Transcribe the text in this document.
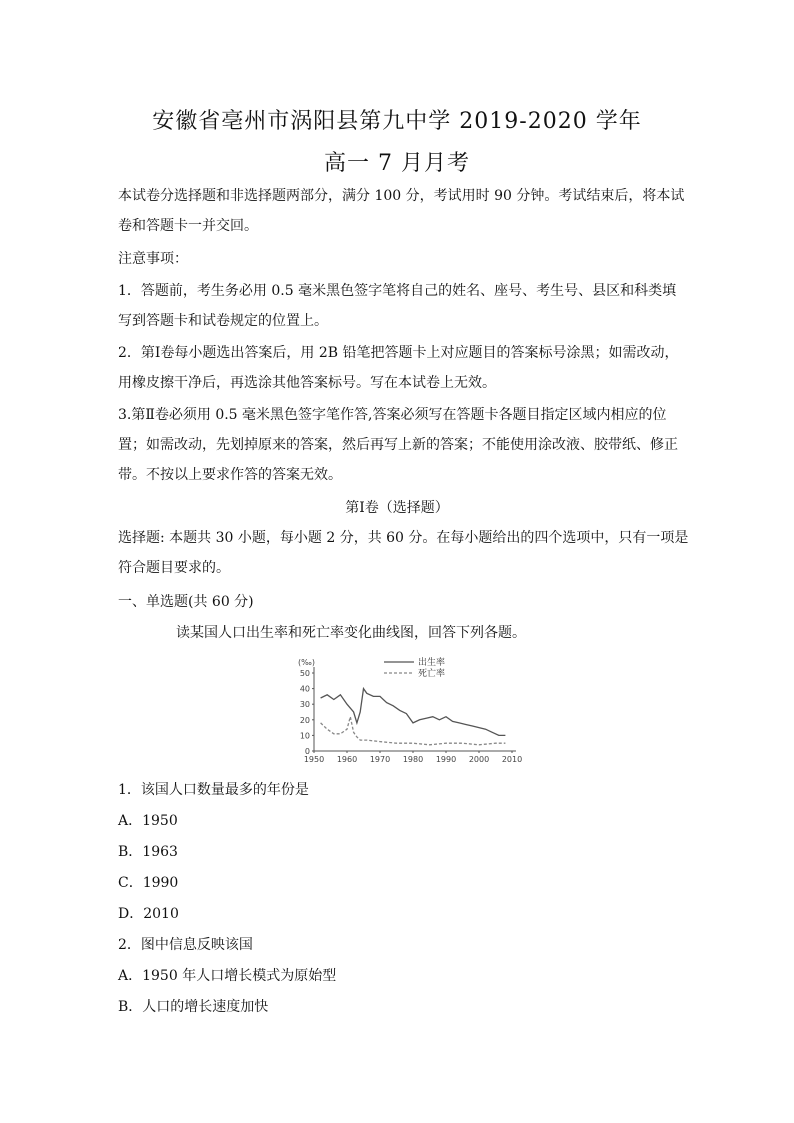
安徽省亳州市涡阳县第九中学 2019-2020 学年
高一 7 月月考
本试卷分选择题和非选择题两部分，满分 100 分，考试用时 90 分钟。考试结束后，将本试
卷和答题卡一并交回。
注意事项：
1．答题前，考生务必用 0.5 毫米黑色签字笔将自己的姓名、座号、考生号、县区和科类填
写到答题卡和试卷规定的位置上。
2．第Ⅰ卷每小题选出答案后，用 2B 铅笔把答题卡上对应题目的答案标号涂黑；如需改动，
用橡皮擦干净后，再选涂其他答案标号。写在本试卷上无效。
3.第Ⅱ卷必须用 0.5 毫米黑色签字笔作答,答案必须写在答题卡各题目指定区域内相应的位
置；如需改动，先划掉原来的答案，然后再写上新的答案；不能使用涂改液、胶带纸、修正
带。不按以上要求作答的答案无效。
第Ⅰ卷（选择题）
选择题: 本题共 30 小题，每小题 2 分，共 60 分。在每小题给出的四个选项中，只有一项是
符合题目要求的。
一、单选题(共 60 分)
读某国人口出生率和死亡率变化曲线图，回答下列各题。
(‰)
0
10
20
30
40
50
1950 1960 1970 1980 1990 2000 2010
出生率
死亡率
1．该国人口数量最多的年份是
A．1950
B．1963
C．1990
D．2010
2．图中信息反映该国
A．1950 年人口增长模式为原始型
B．人口的增长速度加快
